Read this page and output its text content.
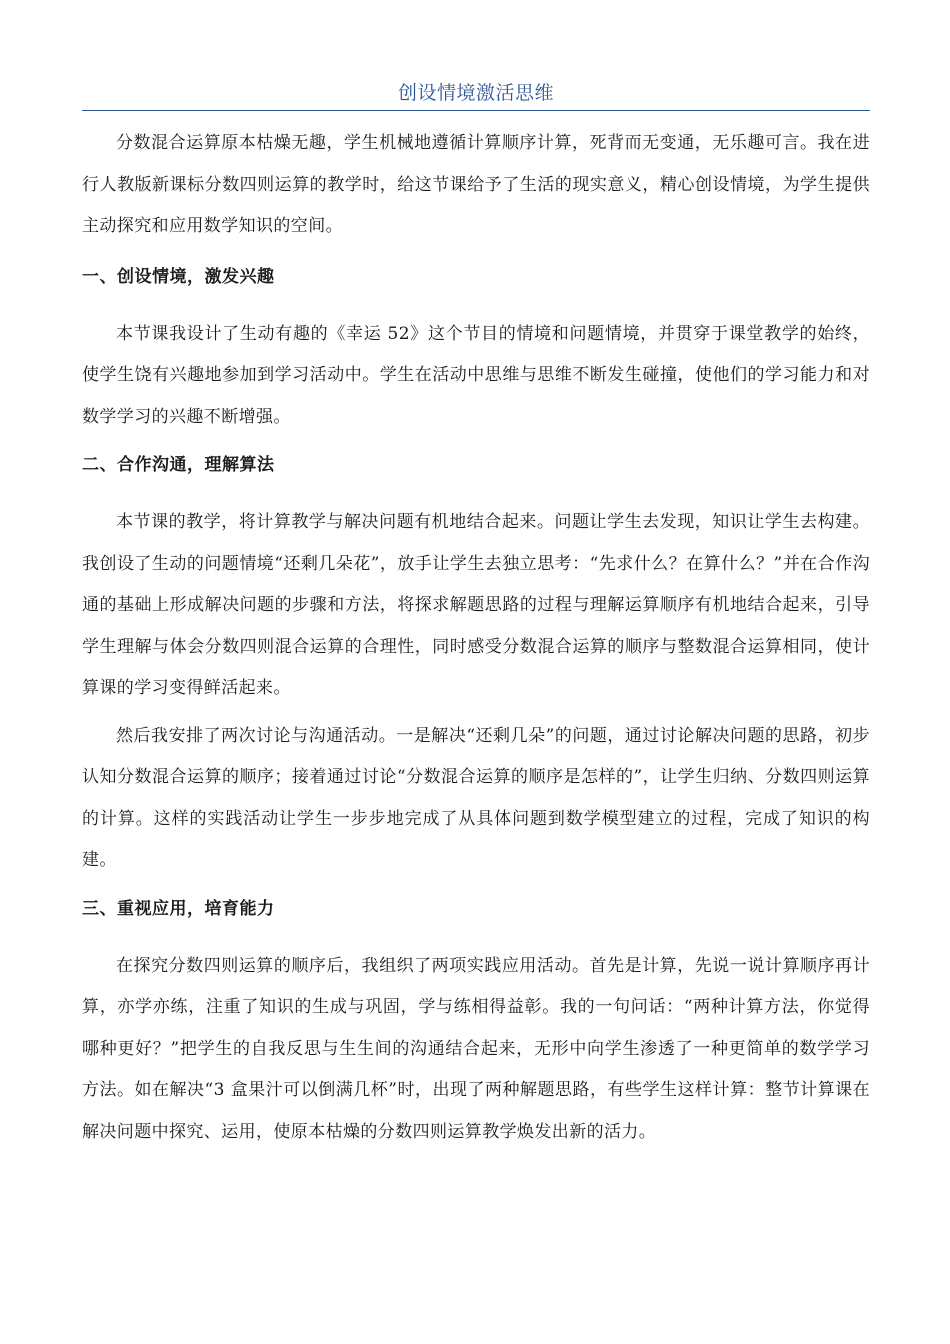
创设情境激活思维

分数混合运算原本枯燥无趣，学生机械地遵循计算顺序计算，死背而无变通，无乐趣可言。我在进行人教版新课标分数四则运算的教学时，给这节课给予了生活的现实意义，精心创设情境，为学生提供主动探究和应用数学知识的空间。

一、创设情境，激发兴趣

本节课我设计了生动有趣的《幸运 52》这个节目的情境和问题情境，并贯穿于课堂教学的始终，使学生饶有兴趣地参加到学习活动中。学生在活动中思维与思维不断发生碰撞，使他们的学习能力和对数学学习的兴趣不断增强。

二、合作沟通，理解算法

本节课的教学，将计算教学与解决问题有机地结合起来。问题让学生去发现，知识让学生去构建。我创设了生动的问题情境“还剩几朵花”，放手让学生去独立思考：“先求什么？在算什么？”并在合作沟通的基础上形成解决问题的步骤和方法，将探求解题思路的过程与理解运算顺序有机地结合起来，引导学生理解与体会分数四则混合运算的合理性，同时感受分数混合运算的顺序与整数混合运算相同，使计算课的学习变得鲜活起来。

然后我安排了两次讨论与沟通活动。一是解决“还剩几朵”的问题，通过讨论解决问题的思路，初步认知分数混合运算的顺序；接着通过讨论“分数混合运算的顺序是怎样的”，让学生归纳、分数四则运算的计算。这样的实践活动让学生一步步地完成了从具体问题到数学模型建立的过程，完成了知识的构建。

三、重视应用，培育能力

在探究分数四则运算的顺序后，我组织了两项实践应用活动。首先是计算，先说一说计算顺序再计算，亦学亦练，注重了知识的生成与巩固，学与练相得益彰。我的一句问话：“两种计算方法，你觉得哪种更好？”把学生的自我反思与生生间的沟通结合起来，无形中向学生渗透了一种更简单的数学学习方法。如在解决“3 盒果汁可以倒满几杯”时，出现了两种解题思路，有些学生这样计算：整节计算课在解决问题中探究、运用，使原本枯燥的分数四则运算教学焕发出新的活力。
